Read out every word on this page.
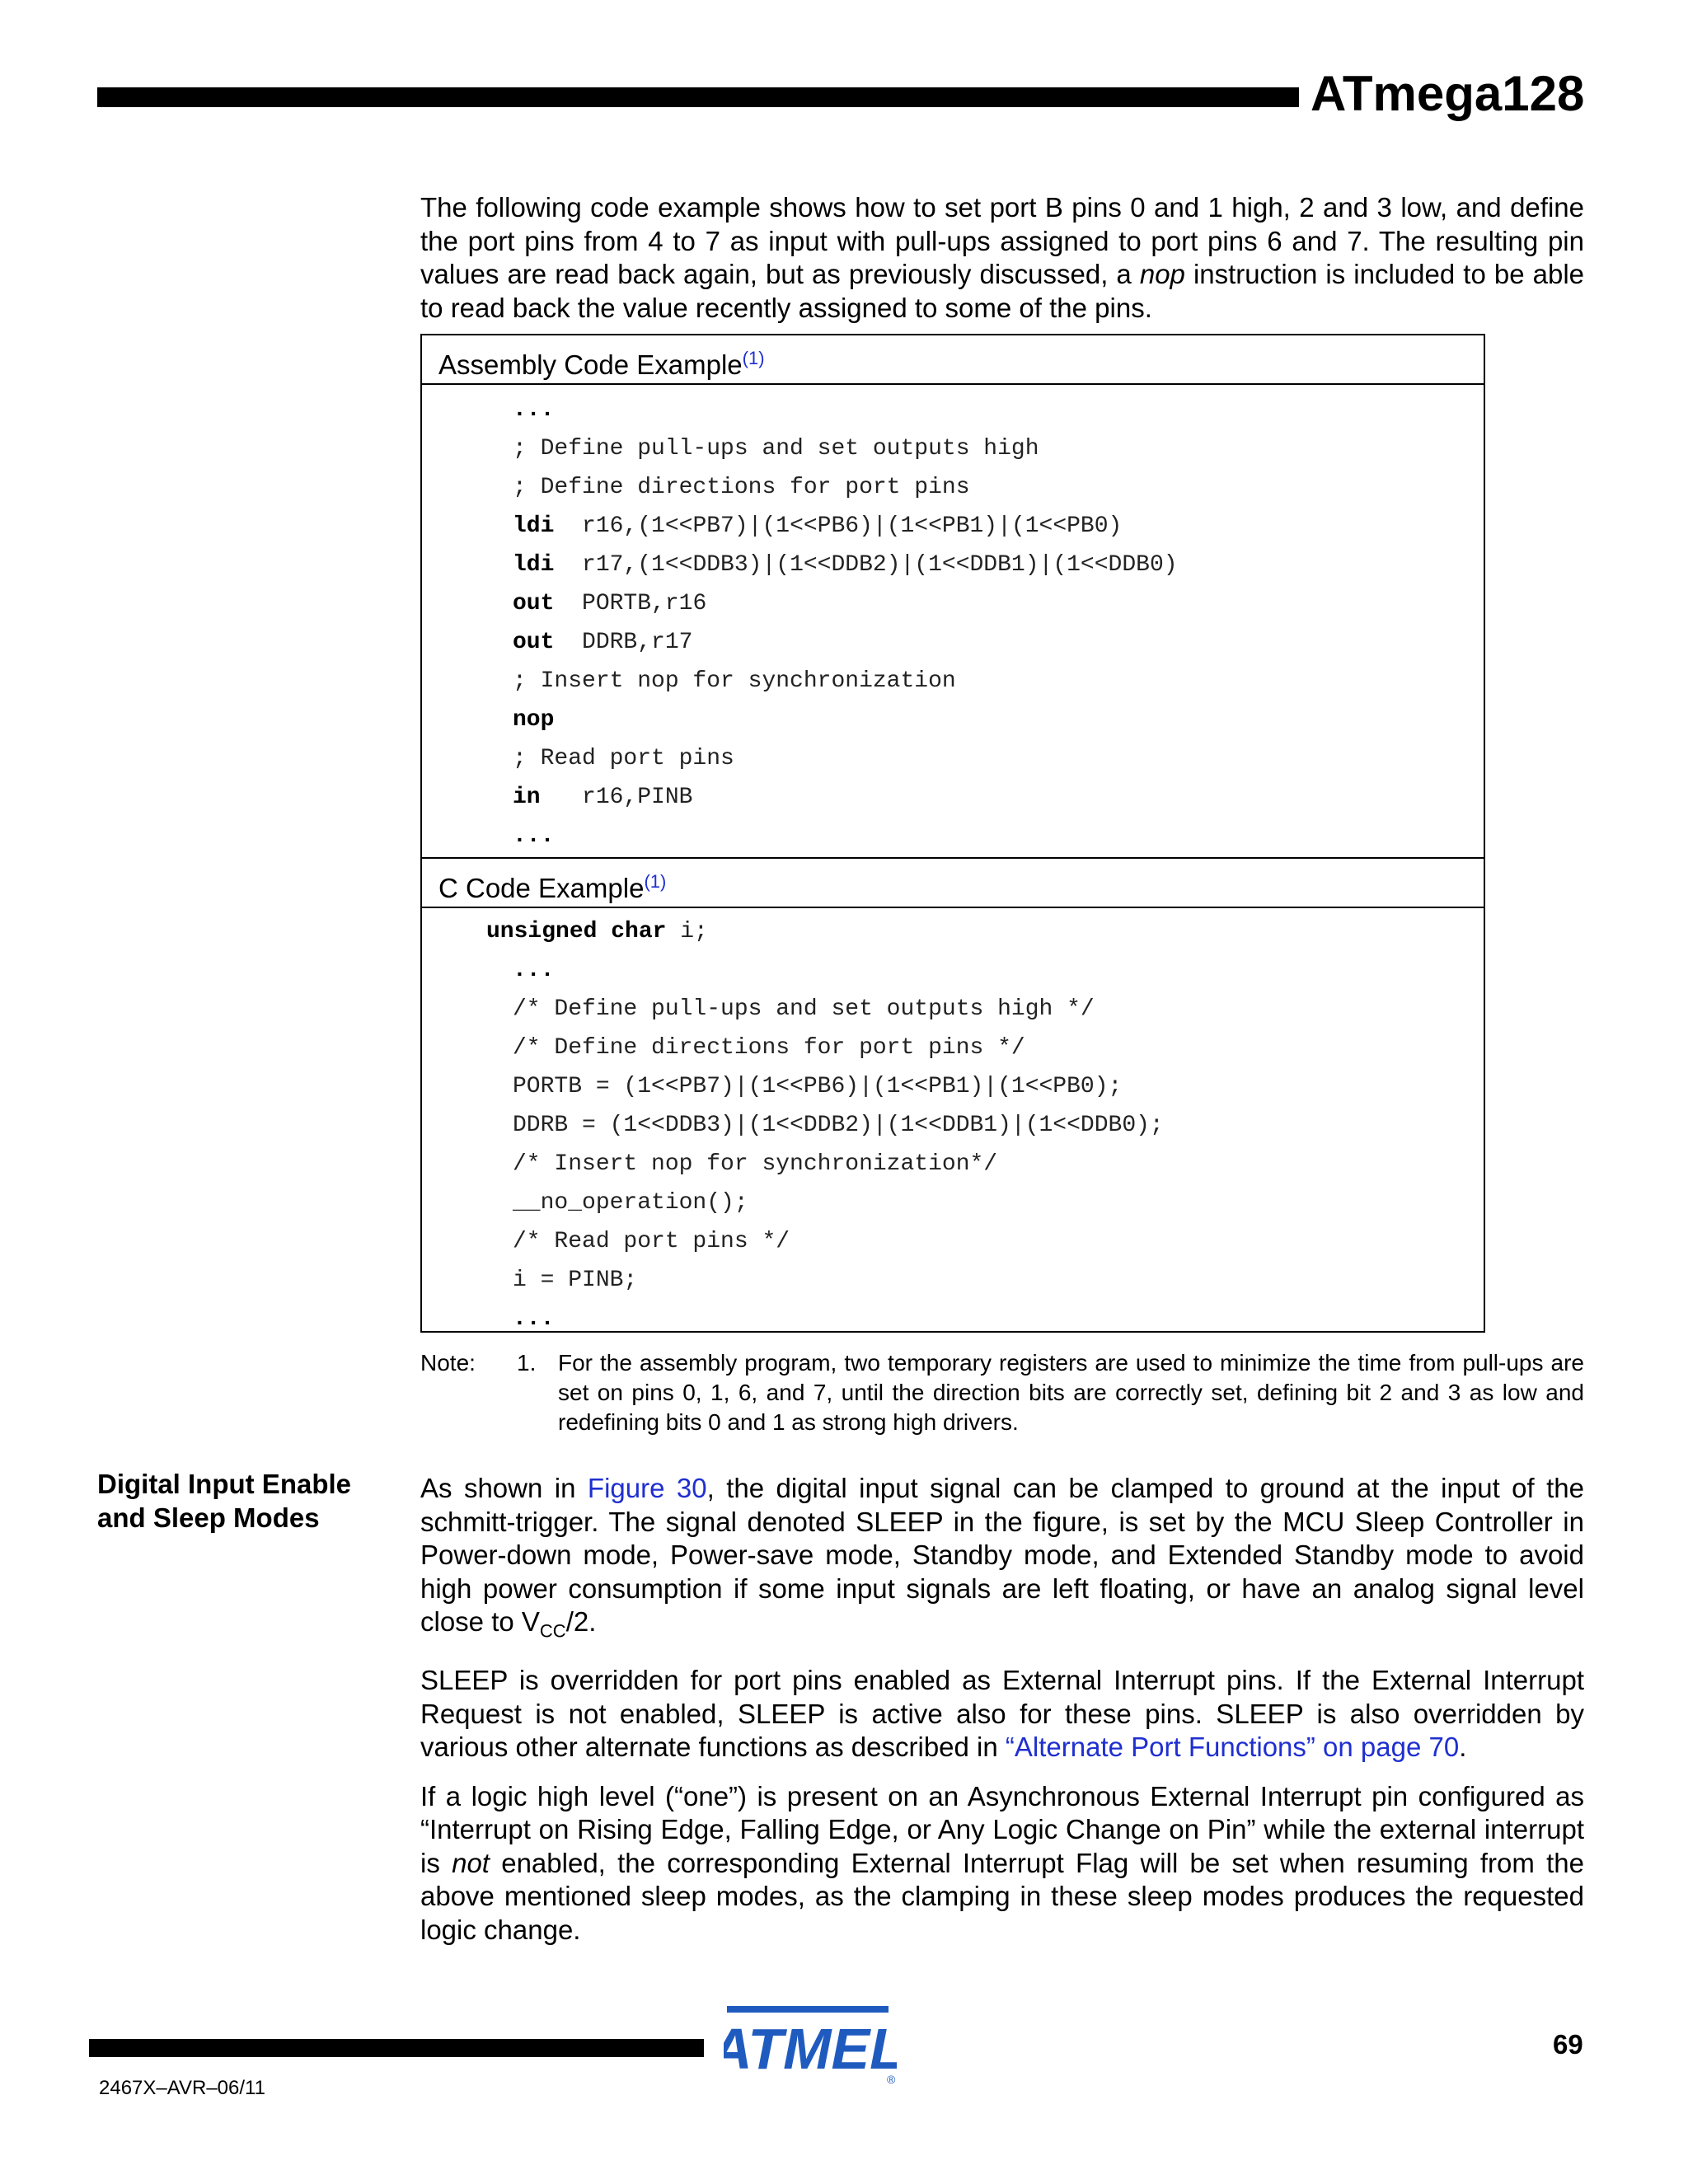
ATmega128

The following code example shows how to set port B pins 0 and 1 high, 2 and 3 low, and define the port pins from 4 to 7 as input with pull-ups assigned to port pins 6 and 7. The resulting pin values are read back again, but as previously discussed, a nop instruction is included to be able to read back the value recently assigned to some of the pins.

Assembly Code Example$^{(1)}$
...
; Define pull-ups and set outputs high
; Define directions for port pins
ldi  r16,(1<<PB7)|(1<<PB6)|(1<<PB1)|(1<<PB0)
ldi  r17,(1<<DDB3)|(1<<DDB2)|(1<<DDB1)|(1<<DDB0)
out  PORTB,r16
out  DDRB,r17
; Insert nop for synchronization
nop
; Read port pins
in   r16,PINB
...
C Code Example$^{(1)}$
unsigned char i;
...
/* Define pull-ups and set outputs high */
/* Define directions for port pins */
PORTB = (1<<PB7)|(1<<PB6)|(1<<PB1)|(1<<PB0);
DDRB = (1<<DDB3)|(1<<DDB2)|(1<<DDB1)|(1<<DDB0);
/* Insert nop for synchronization*/
__no_operation();
/* Read port pins */
i = PINB;
...
Note: 1. For the assembly program, two temporary registers are used to minimize the time from pull-ups are set on pins 0, 1, 6, and 7, until the direction bits are correctly set, defining bit 2 and 3 as low and redefining bits 0 and 1 as strong high drivers.
Digital Input Enable and Sleep Modes

As shown in Figure 30, the digital input signal can be clamped to ground at the input of the schmitt-trigger. The signal denoted SLEEP in the figure, is set by the MCU Sleep Controller in Power-down mode, Power-save mode, Standby mode, and Extended Standby mode to avoid high power consumption if some input signals are left floating, or have an analog signal level close to $V_{CC}/2$.

SLEEP is overridden for port pins enabled as External Interrupt pins. If the External Interrupt Request is not enabled, SLEEP is active also for these pins. SLEEP is also overridden by various other alternate functions as described in “Alternate Port Functions” on page 70.

If a logic high level (“one”) is present on an Asynchronous External Interrupt pin configured as “Interrupt on Rising Edge, Falling Edge, or Any Logic Change on Pin” while the external interrupt is not enabled, the corresponding External Interrupt Flag will be set when resuming from the above mentioned sleep modes, as the clamping in these sleep modes produces the requested logic change.

TMEL
®
69
2467X–AVR–06/11
